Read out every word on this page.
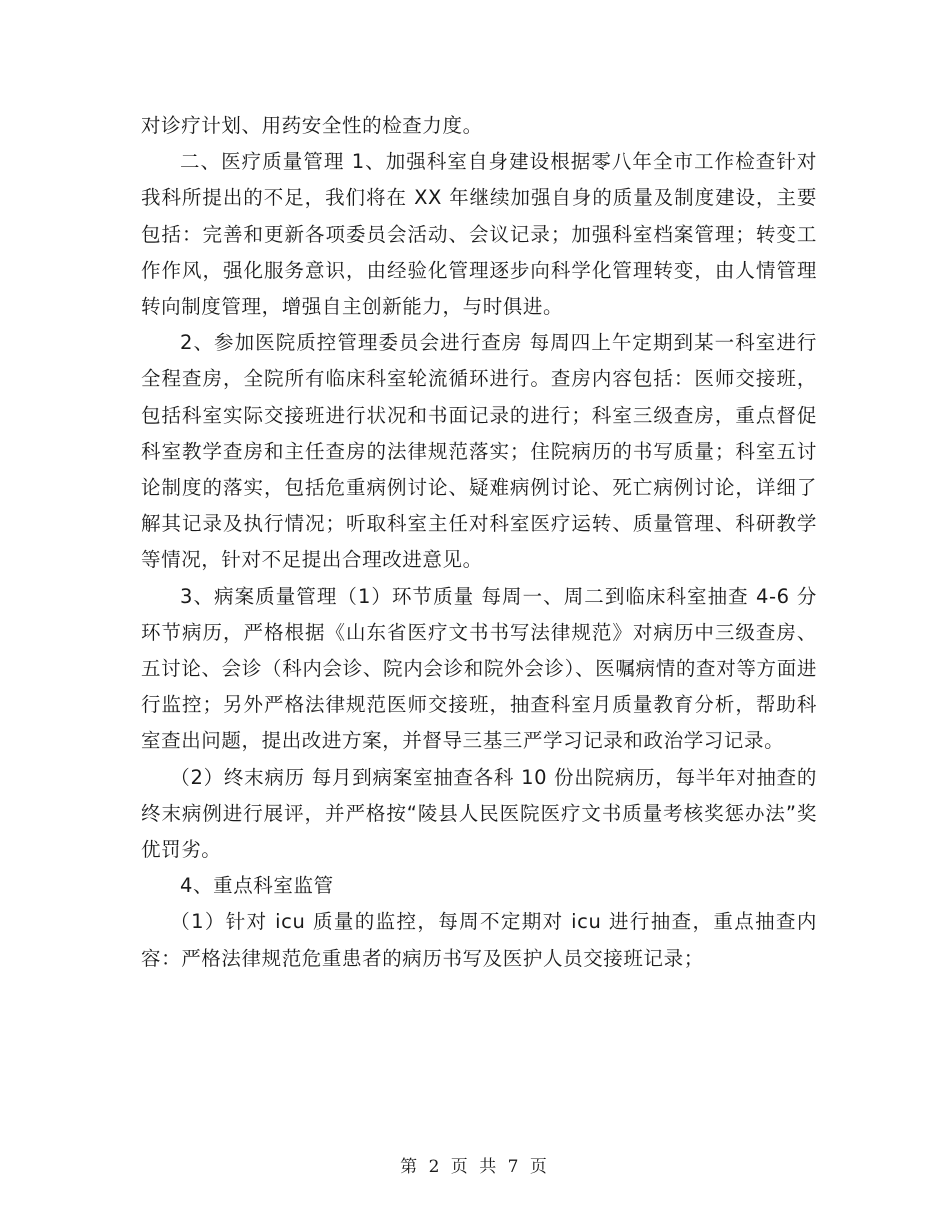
对诊疗计划、用药安全性的检查力度。

二、医疗质量管理 1、加强科室自身建设根据零八年全市工作检查针对我科所提出的不足，我们将在 XX 年继续加强自身的质量及制度建设，主要包括：完善和更新各项委员会活动、会议记录；加强科室档案管理；转变工作作风，强化服务意识，由经验化管理逐步向科学化管理转变，由人情管理转向制度管理，增强自主创新能力，与时俱进。

2、参加医院质控管理委员会进行查房 每周四上午定期到某一科室进行全程查房，全院所有临床科室轮流循环进行。查房内容包括：医师交接班，包括科室实际交接班进行状况和书面记录的进行；科室三级查房，重点督促科室教学查房和主任查房的法律规范落实；住院病历的书写质量；科室五讨论制度的落实，包括危重病例讨论、疑难病例讨论、死亡病例讨论，详细了解其记录及执行情况；听取科室主任对科室医疗运转、质量管理、科研教学等情况，针对不足提出合理改进意见。

3、病案质量管理（1）环节质量 每周一、周二到临床科室抽查 4-6 分环节病历，严格根据《山东省医疗文书书写法律规范》对病历中三级查房、五讨论、会诊（科内会诊、院内会诊和院外会诊）、医嘱病情的查对等方面进行监控；另外严格法律规范医师交接班，抽查科室月质量教育分析，帮助科室查出问题，提出改进方案，并督导三基三严学习记录和政治学习记录。

（2）终末病历 每月到病案室抽查各科 10 份出院病历，每半年对抽查的终末病例进行展评，并严格按“陵县人民医院医疗文书质量考核奖惩办法”奖优罚劣。

4、重点科室监管

（1）针对 icu 质量的监控，每周不定期对 icu 进行抽查，重点抽查内容：严格法律规范危重患者的病历书写及医护人员交接班记录；

第 2 页 共 7 页
